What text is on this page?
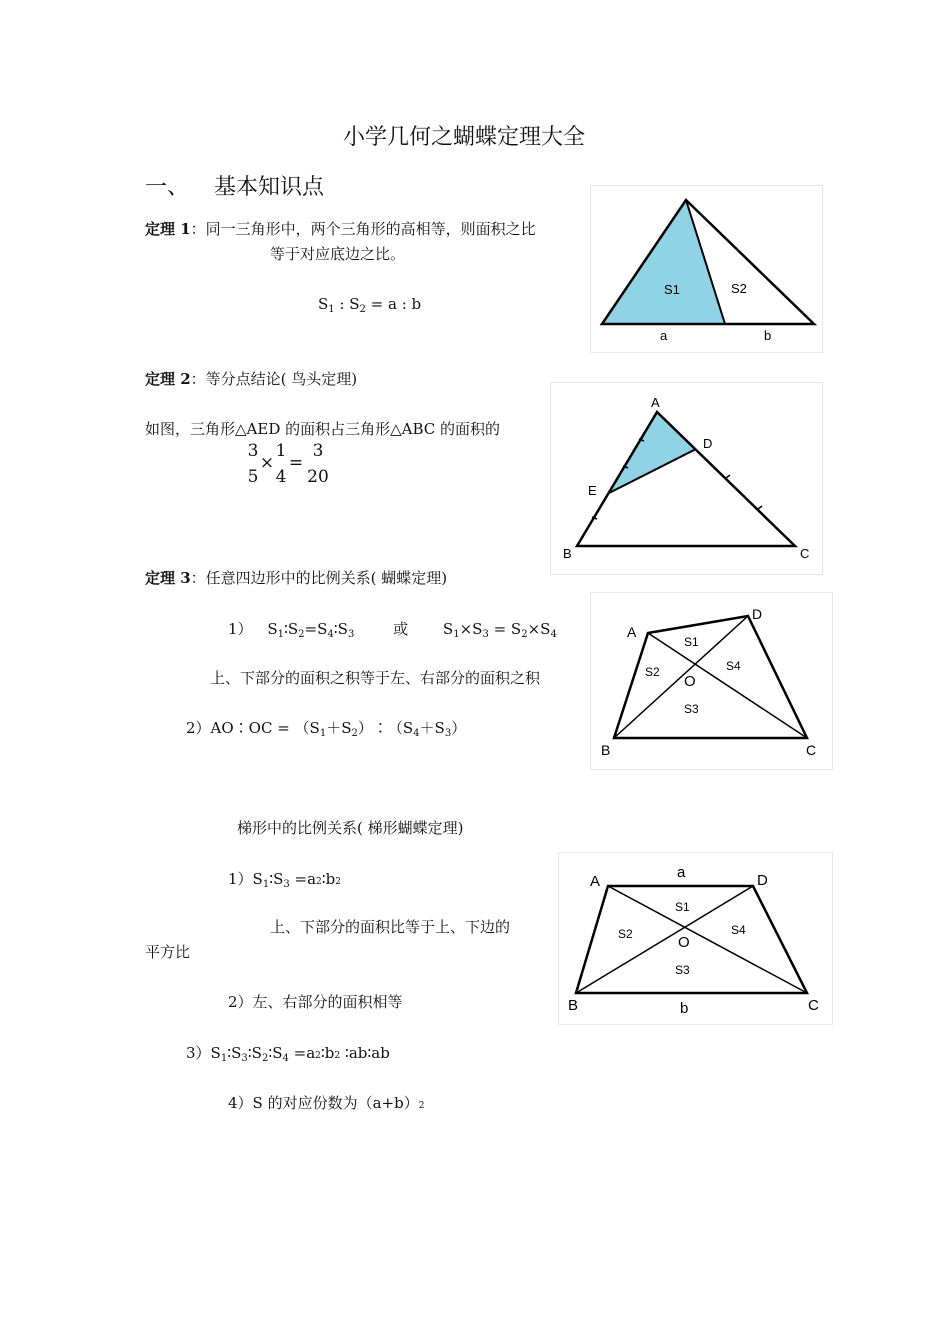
小学几何之蝴蝶定理大全
一、 基本知识点
定理 1：同一三角形中，两个三角形的高相等，则面积之比
等于对应底边之比。
$S_1$ : $S_2 = a$ : b
S1	S2
a	b
定理 2：等分点结论( 鸟头定理)
如图，三角形△AED 的面积占三角形△ABC 的面积的
3
5
×
1
4
=
3
20
A
D
E
B	C
定理 3：任意四边形中的比例关系( 蝴蝶定理)
1） $S_1∶S_2=S_4∶S_3$	或 $S_1\times S_3 = S_2\times S_4$
上、下部分的面积之积等于左、右部分的面积之积
2）AO∶OC = $(S_1+S_2)∶(S_4+S_3)$
A
D
B	C
O
S1
S2	S4
S3
梯形中的比例关系( 梯形蝴蝶定理)
$1)S_1∶S_3$ =a2∶b2
上、下部分的面积比等于上、下边的
平方比
2）左、右部分的面积相等
$3)S_1∶S_3∶S_2∶S_4$ =a2∶b2 ∶ab∶ab
4）S 的对应份数为（a+b）2
A	D
B	C
a
b
O
S1
S2	S4
S3
